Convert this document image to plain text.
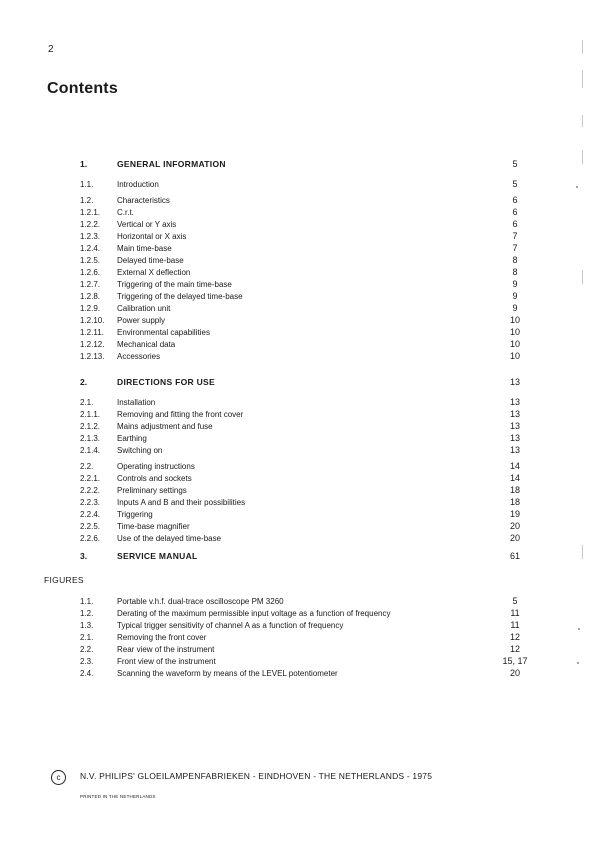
2
Contents
1.	GENERAL INFORMATION	5
1.1.	Introduction	5
1.2.	Characteristics	6
1.2.1. C.r.t.	6
1.2.2. Vertical or Y axis	6
1.2.3. Horizontal or X axis	7
1.2.4. Main time-base	7
1.2.5. Delayed time-base	8
1.2.6. External X deflection	8
1.2.7. Triggering of the main time-base	9
1.2.8. Triggering of the delayed time-base	9
1.2.9. Calibration unit	9
1.2.10. Power supply	10
1.2.11. Environmental capabilities	10
1.2.12. Mechanical data	10
1.2.13. Accessories	10
2.	DIRECTIONS FOR USE	13
2.1.	Installation	13
2.1.1. Removing and fitting the front cover	13
2.1.2. Mains adjustment and fuse	13
2.1.3. Earthing	13
2.1.4. Switching on	13
2.2.	Operating instructions	14
2.2.1. Controls and sockets	14
2.2.2. Preliminary settings	18
2.2.3. Inputs A and B and their possibilities	18
2.2.4. Triggering	19
2.2.5. Time-base magnifier	20
2.2.6. Use of the delayed time-base	20
3.	SERVICE MANUAL	61
FIGURES
1.1.	Portable v.h.f. dual-trace oscilloscope PM 3260	5
1.2.	Derating of the maximum permissible input voltage as a function of frequency	11
1.3.	Typical trigger sensitivity of channel A as a function of frequency	11
2.1.	Removing the front cover	12
2.2.	Rear view of the instrument	12
2.3.	Front view of the instrument	15, 17
2.4.	Scanning the waveform by means of the LEVEL potentiometer	20
c	N.V. PHILIPS' GLOEILAMPENFABRIEKEN - EINDHOVEN - THE NETHERLANDS - 1975
PRINTED IN THE NETHERLANDS
